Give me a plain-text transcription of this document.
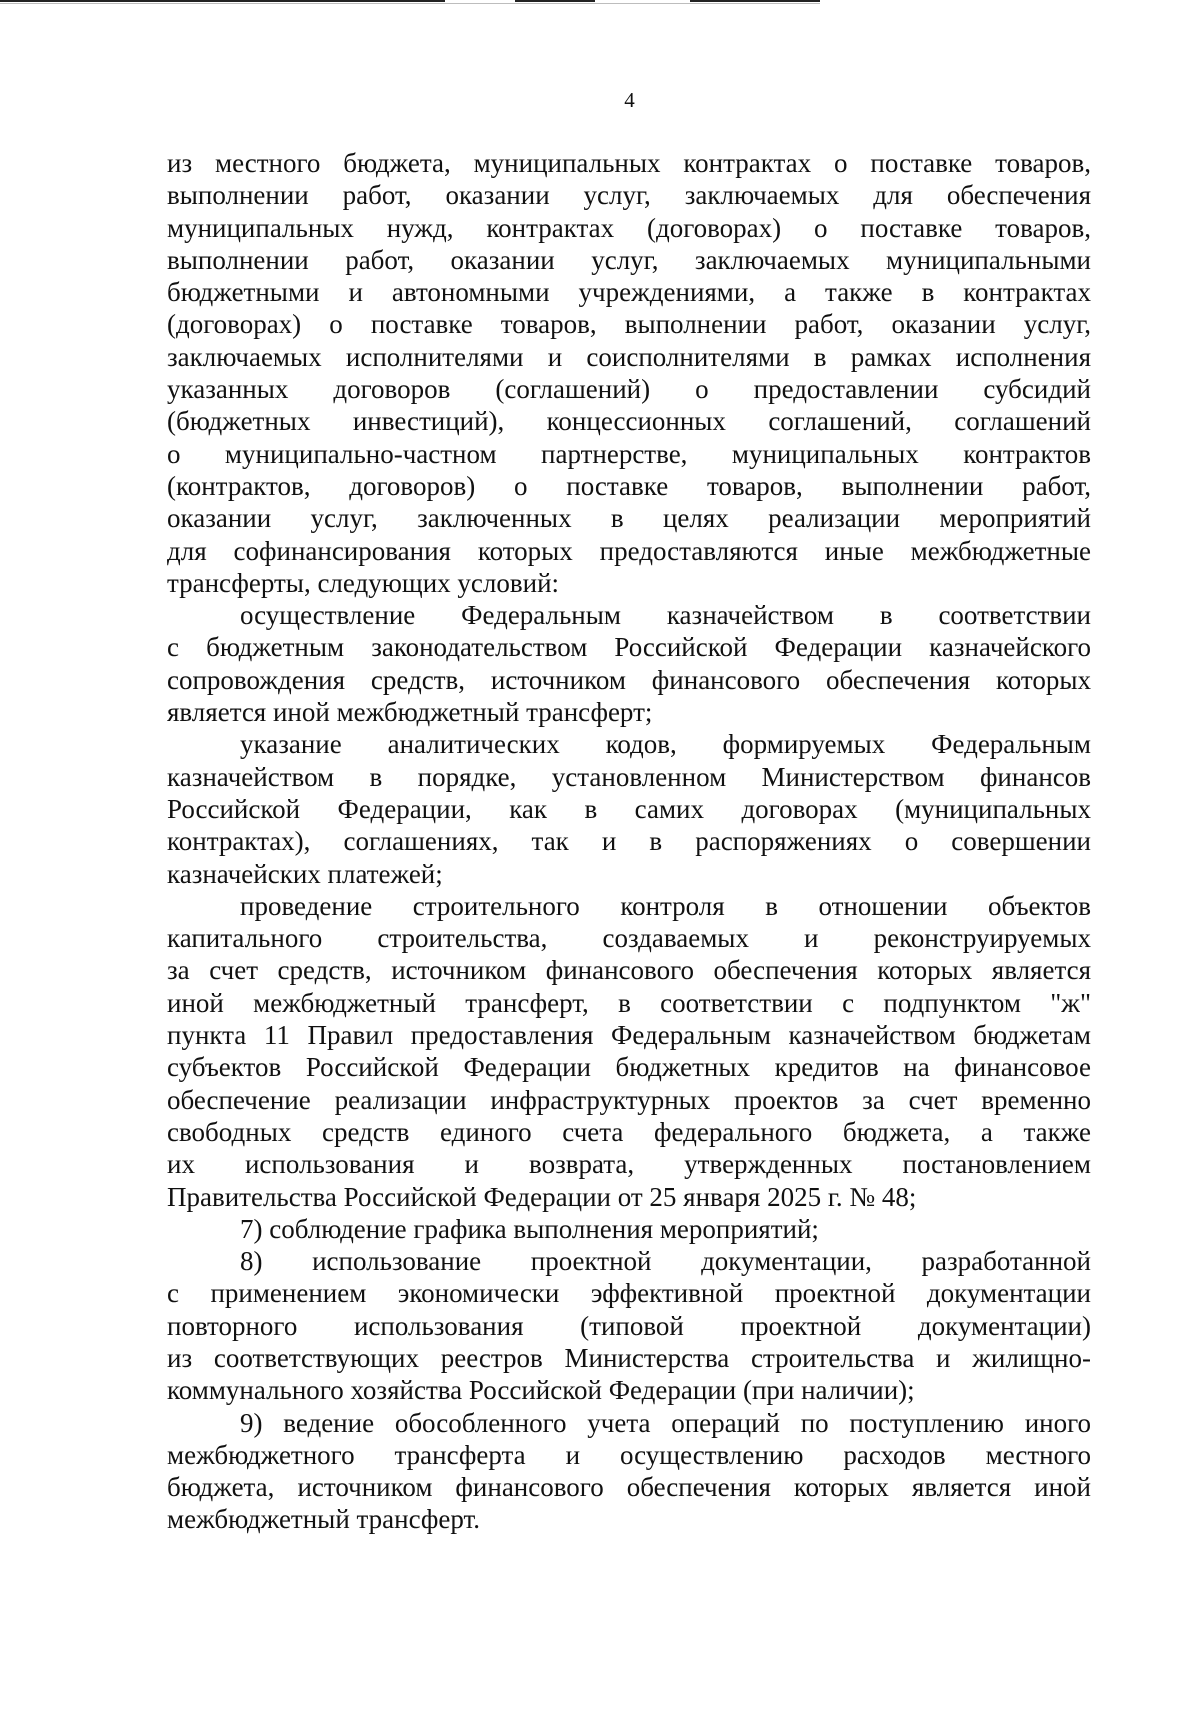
4
из местного бюджета, муниципальных контрактах о поставке товаров,
выполнении работ, оказании услуг, заключаемых для обеспечения
муниципальных нужд, контрактах (договорах) о поставке товаров,
выполнении работ, оказании услуг, заключаемых муниципальными
бюджетными и автономными учреждениями, а также в контрактах
(договорах) о поставке товаров, выполнении работ, оказании услуг,
заключаемых исполнителями и соисполнителями в рамках исполнения
указанных договоров (соглашений) о предоставлении субсидий
(бюджетных инвестиций), концессионных соглашений, соглашений
о муниципально-частном партнерстве, муниципальных контрактов
(контрактов, договоров) о поставке товаров, выполнении работ,
оказании услуг, заключенных в целях реализации мероприятий
для софинансирования которых предоставляются иные межбюджетные
трансферты, следующих условий:
осуществление Федеральным казначейством в соответствии
с бюджетным законодательством Российской Федерации казначейского
сопровождения средств, источником финансового обеспечения которых
является иной межбюджетный трансферт;
указание аналитических кодов, формируемых Федеральным
казначейством в порядке, установленном Министерством финансов
Российской Федерации, как в самих договорах (муниципальных
контрактах), соглашениях, так и в распоряжениях о совершении
казначейских платежей;
проведение строительного контроля в отношении объектов
капитального строительства, создаваемых и реконструируемых
за счет средств, источником финансового обеспечения которых является
иной межбюджетный трансферт, в соответствии с подпунктом "ж"
пункта 11 Правил предоставления Федеральным казначейством бюджетам
субъектов Российской Федерации бюджетных кредитов на финансовое
обеспечение реализации инфраструктурных проектов за счет временно
свободных средств единого счета федерального бюджета, а также
их использования и возврата, утвержденных постановлением
Правительства Российской Федерации от 25 января 2025 г. № 48;
7) соблюдение графика выполнения мероприятий;
8) использование проектной документации, разработанной
с применением экономически эффективной проектной документации
повторного использования (типовой проектной документации)
из соответствующих реестров Министерства строительства и жилищно-
коммунального хозяйства Российской Федерации (при наличии);
9) ведение обособленного учета операций по поступлению иного
межбюджетного трансферта и осуществлению расходов местного
бюджета, источником финансового обеспечения которых является иной
межбюджетный трансферт.
